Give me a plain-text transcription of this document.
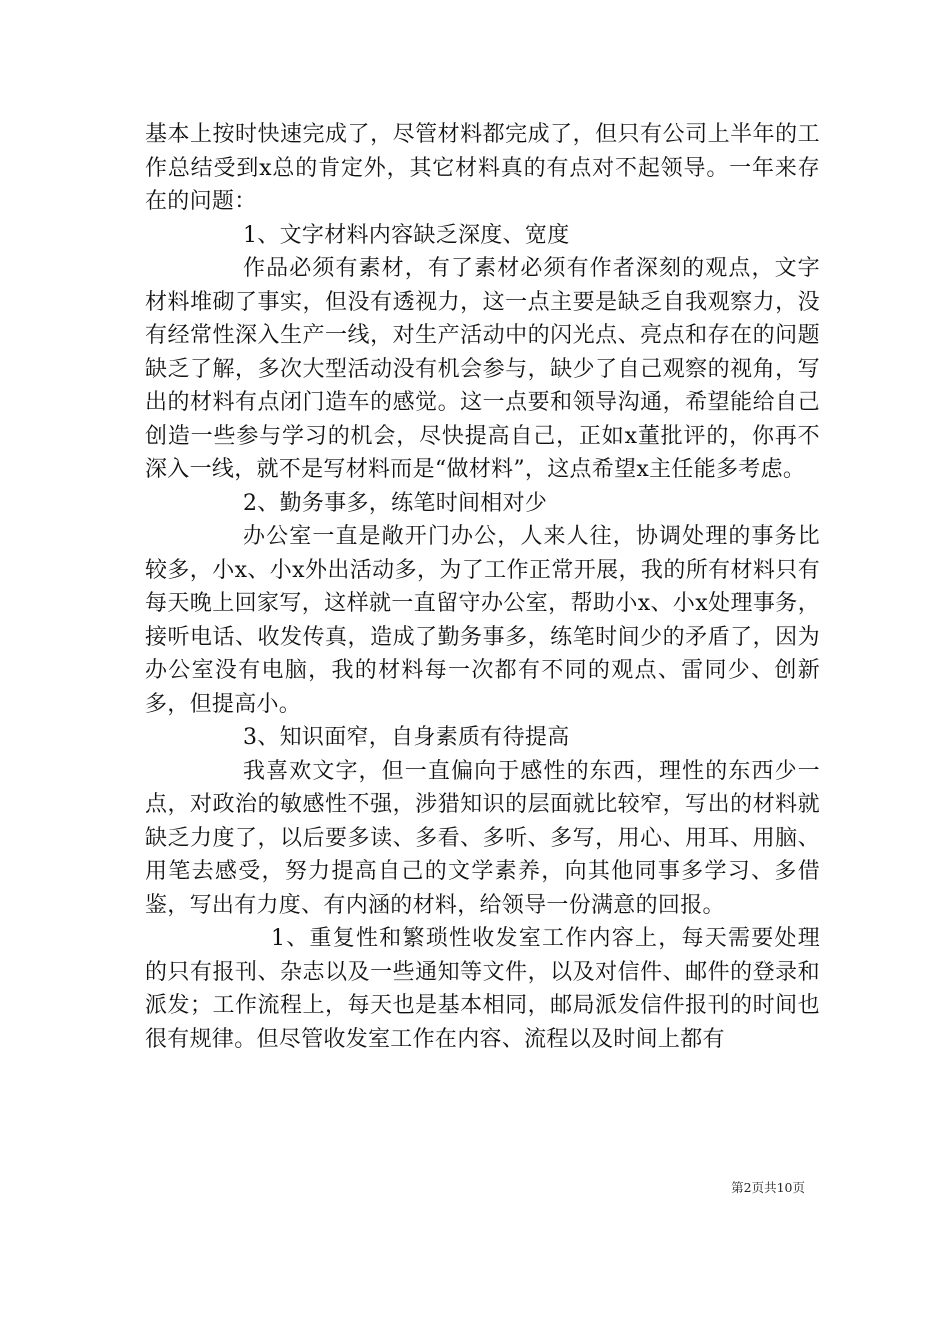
基本上按时快速完成了，尽管材料都完成了，但只有公司上半年的工作总结受到x总的肯定外，其它材料真的有点对不起领导。一年来存在的问题：

1、文字材料内容缺乏深度、宽度

作品必须有素材，有了素材必须有作者深刻的观点，文字材料堆砌了事实，但没有透视力，这一点主要是缺乏自我观察力，没有经常性深入生产一线，对生产活动中的闪光点、亮点和存在的问题缺乏了解，多次大型活动没有机会参与，缺少了自己观察的视角，写出的材料有点闭门造车的感觉。这一点要和领导沟通，希望能给自己创造一些参与学习的机会，尽快提高自己，正如x董批评的，你再不深入一线，就不是写材料而是“做材料”，这点希望x主任能多考虑。

2、勤务事多，练笔时间相对少

办公室一直是敞开门办公，人来人往，协调处理的事务比较多，小x、小x外出活动多，为了工作正常开展，我的所有材料只有每天晚上回家写，这样就一直留守办公室，帮助小x、小x处理事务，接听电话、收发传真，造成了勤务事多，练笔时间少的矛盾了，因为办公室没有电脑，我的材料每一次都有不同的观点、雷同少、创新多，但提高小。

3、知识面窄，自身素质有待提高

我喜欢文字，但一直偏向于感性的东西，理性的东西少一点，对政治的敏感性不强，涉猎知识的层面就比较窄，写出的材料就缺乏力度了，以后要多读、多看、多听、多写，用心、用耳、用脑、用笔去感受，努力提高自己的文学素养，向其他同事多学习、多借鉴，写出有力度、有内涵的材料，给领导一份满意的回报。

1、重复性和繁琐性收发室工作内容上，每天需要处理的只有报刊、杂志以及一些通知等文件，以及对信件、邮件的登录和派发；工作流程上，每天也是基本相同，邮局派发信件报刊的时间也很有规律。但尽管收发室工作在内容、流程以及时间上都有

第2页共10页
